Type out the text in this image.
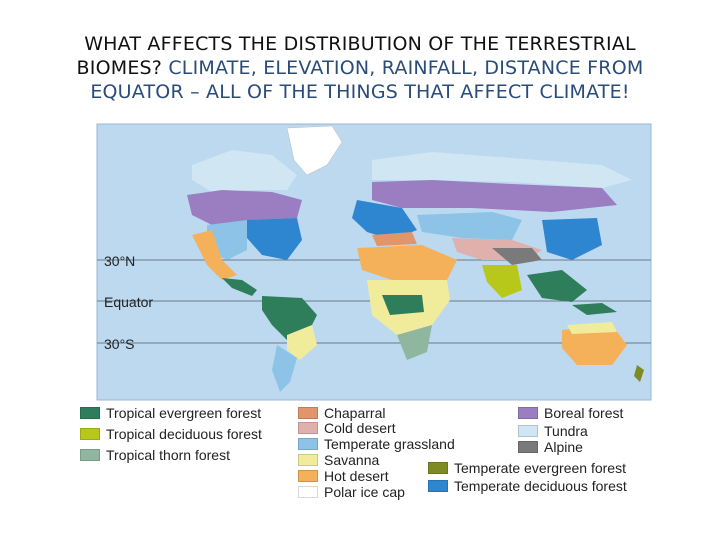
WHAT AFFECTS THE DISTRIBUTION OF THE TERRESTRIAL
BIOMES? CLIMATE, ELEVATION, RAINFALL, DISTANCE FROM
EQUATOR – ALL OF THE THINGS THAT AFFECT CLIMATE!
30°N
Equator
30°S
Tropical evergreen forest
Tropical deciduous forest
Tropical thorn forest
Chaparral
Cold desert
Temperate grassland
Savanna
Hot desert
Polar ice cap
Boreal forest
Tundra
Alpine
Temperate evergreen forest
Temperate deciduous forest
